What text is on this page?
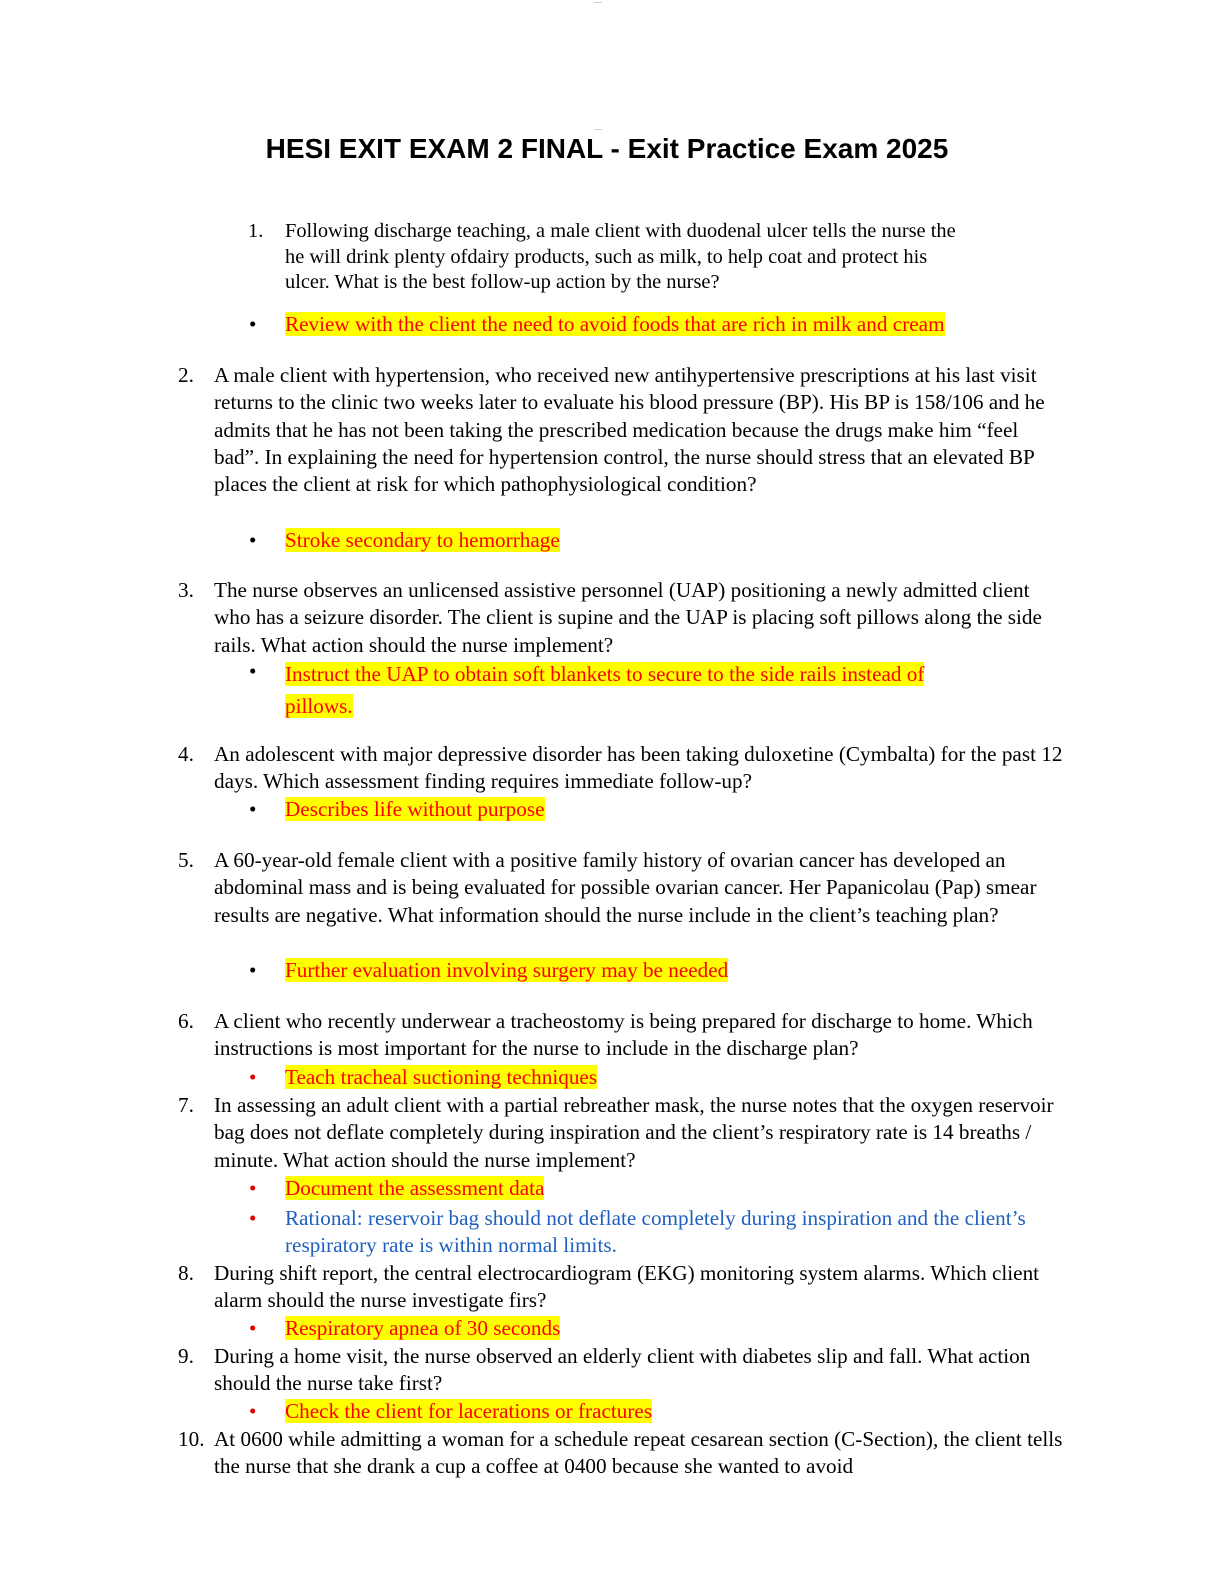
----
----
HESI EXIT EXAM 2 FINAL - Exit Practice Exam 2025
1. Following discharge teaching, a male client with duodenal ulcer tells the nurse the he will drink plenty ofdairy products, such as milk, to help coat and protect his ulcer. What is the best follow-up action by the nurse?
• Review with the client the need to avoid foods that are rich in milk and cream
2. A male client with hypertension, who received new antihypertensive prescriptions at his last visit returns to the clinic two weeks later to evaluate his blood pressure (BP). His BP is 158/106 and he admits that he has not been taking the prescribed medication because the drugs make him “feel bad”. In explaining the need for hypertension control, the nurse should stress that an elevated BP places the client at risk for which pathophysiological condition?
• Stroke secondary to hemorrhage
3. The nurse observes an unlicensed assistive personnel (UAP) positioning a newly admitted client who has a seizure disorder. The client is supine and the UAP is placing soft pillows along the side rails. What action should the nurse implement?
• Instruct the UAP to obtain soft blankets to secure to the side rails instead of
pillows.
4. An adolescent with major depressive disorder has been taking duloxetine (Cymbalta) for the past 12 days. Which assessment finding requires immediate follow-up?
• Describes life without purpose
5. A 60-year-old female client with a positive family history of ovarian cancer has developed an abdominal mass and is being evaluated for possible ovarian cancer. Her Papanicolau (Pap) smear results are negative. What information should the nurse include in the client’s teaching plan?
• Further evaluation involving surgery may be needed
6. A client who recently underwear a tracheostomy is being prepared for discharge to home. Which instructions is most important for the nurse to include in the discharge plan?
• Teach tracheal suctioning techniques
7. In assessing an adult client with a partial rebreather mask, the nurse notes that the oxygen reservoir bag does not deflate completely during inspiration and the client’s respiratory rate is 14 breaths / minute. What action should the nurse implement?
• Document the assessment data
• Rational: reservoir bag should not deflate completely during inspiration and the client’s respiratory rate is within normal limits.
8. During shift report, the central electrocardiogram (EKG) monitoring system alarms. Which client alarm should the nurse investigate firs?
• Respiratory apnea of 30 seconds
9. During a home visit, the nurse observed an elderly client with diabetes slip and fall. What action should the nurse take first?
• Check the client for lacerations or fractures
10. At 0600 while admitting a woman for a schedule repeat cesarean section (C-Section), the client tells the nurse that she drank a cup a coffee at 0400 because she wanted to avoid
